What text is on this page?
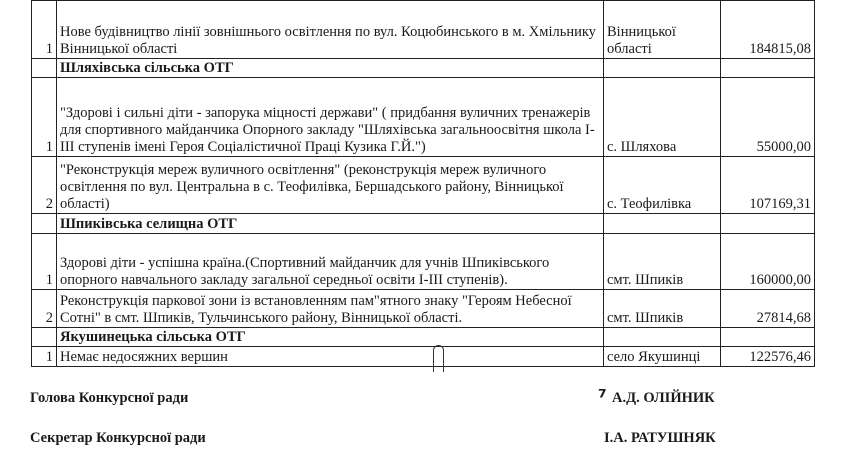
1	Нове будівництво лінії зовнішнього освітлення по вул. Коцюбинського в м. Хмільнику Вінницької області	Вінницької області	184815,08
	Шляхівська сільська ОТГ		
1	"Здорові і сильні діти - запорука міцності держави" ( придбання вуличних тренажерів для спортивного майданчика Опорного закладу "Шляхівська загальноосвітня школа І-ІІІ ступенів імені Героя Соціалістичної Праці Кузика Г.Й.")	с. Шляхова	55000,00
2	"Реконструкція мереж вуличного освітлення" (реконструкція мереж вуличного освітлення по вул. Центральна в с. Теофилівка, Бершадського району, Вінницької області)	с. Теофилівка	107169,31
	Шпиківська селищна ОТГ		
1	Здорові діти - успішна країна.(Спортивний майданчик для учнів Шпиківського опорного навчального закладу загальної середньої освіти І-ІІІ ступенів).	смт. Шпиків	160000,00
2	Реконструкція паркової зони із встановленням пам"ятного знаку "Героям Небесної Сотні" в смт. Шпиків, Тульчинського району, Вінницької області.	смт. Шпиків	27814,68
	Якушинецька сільська ОТГ		
1	Немає недосяжних вершин	село Якушинці	122576,46
Голова Конкурсної ради	⁷ А.Д. ОЛІЙНИК
Секретар Конкурсної ради	І.А. РАТУШНЯК
